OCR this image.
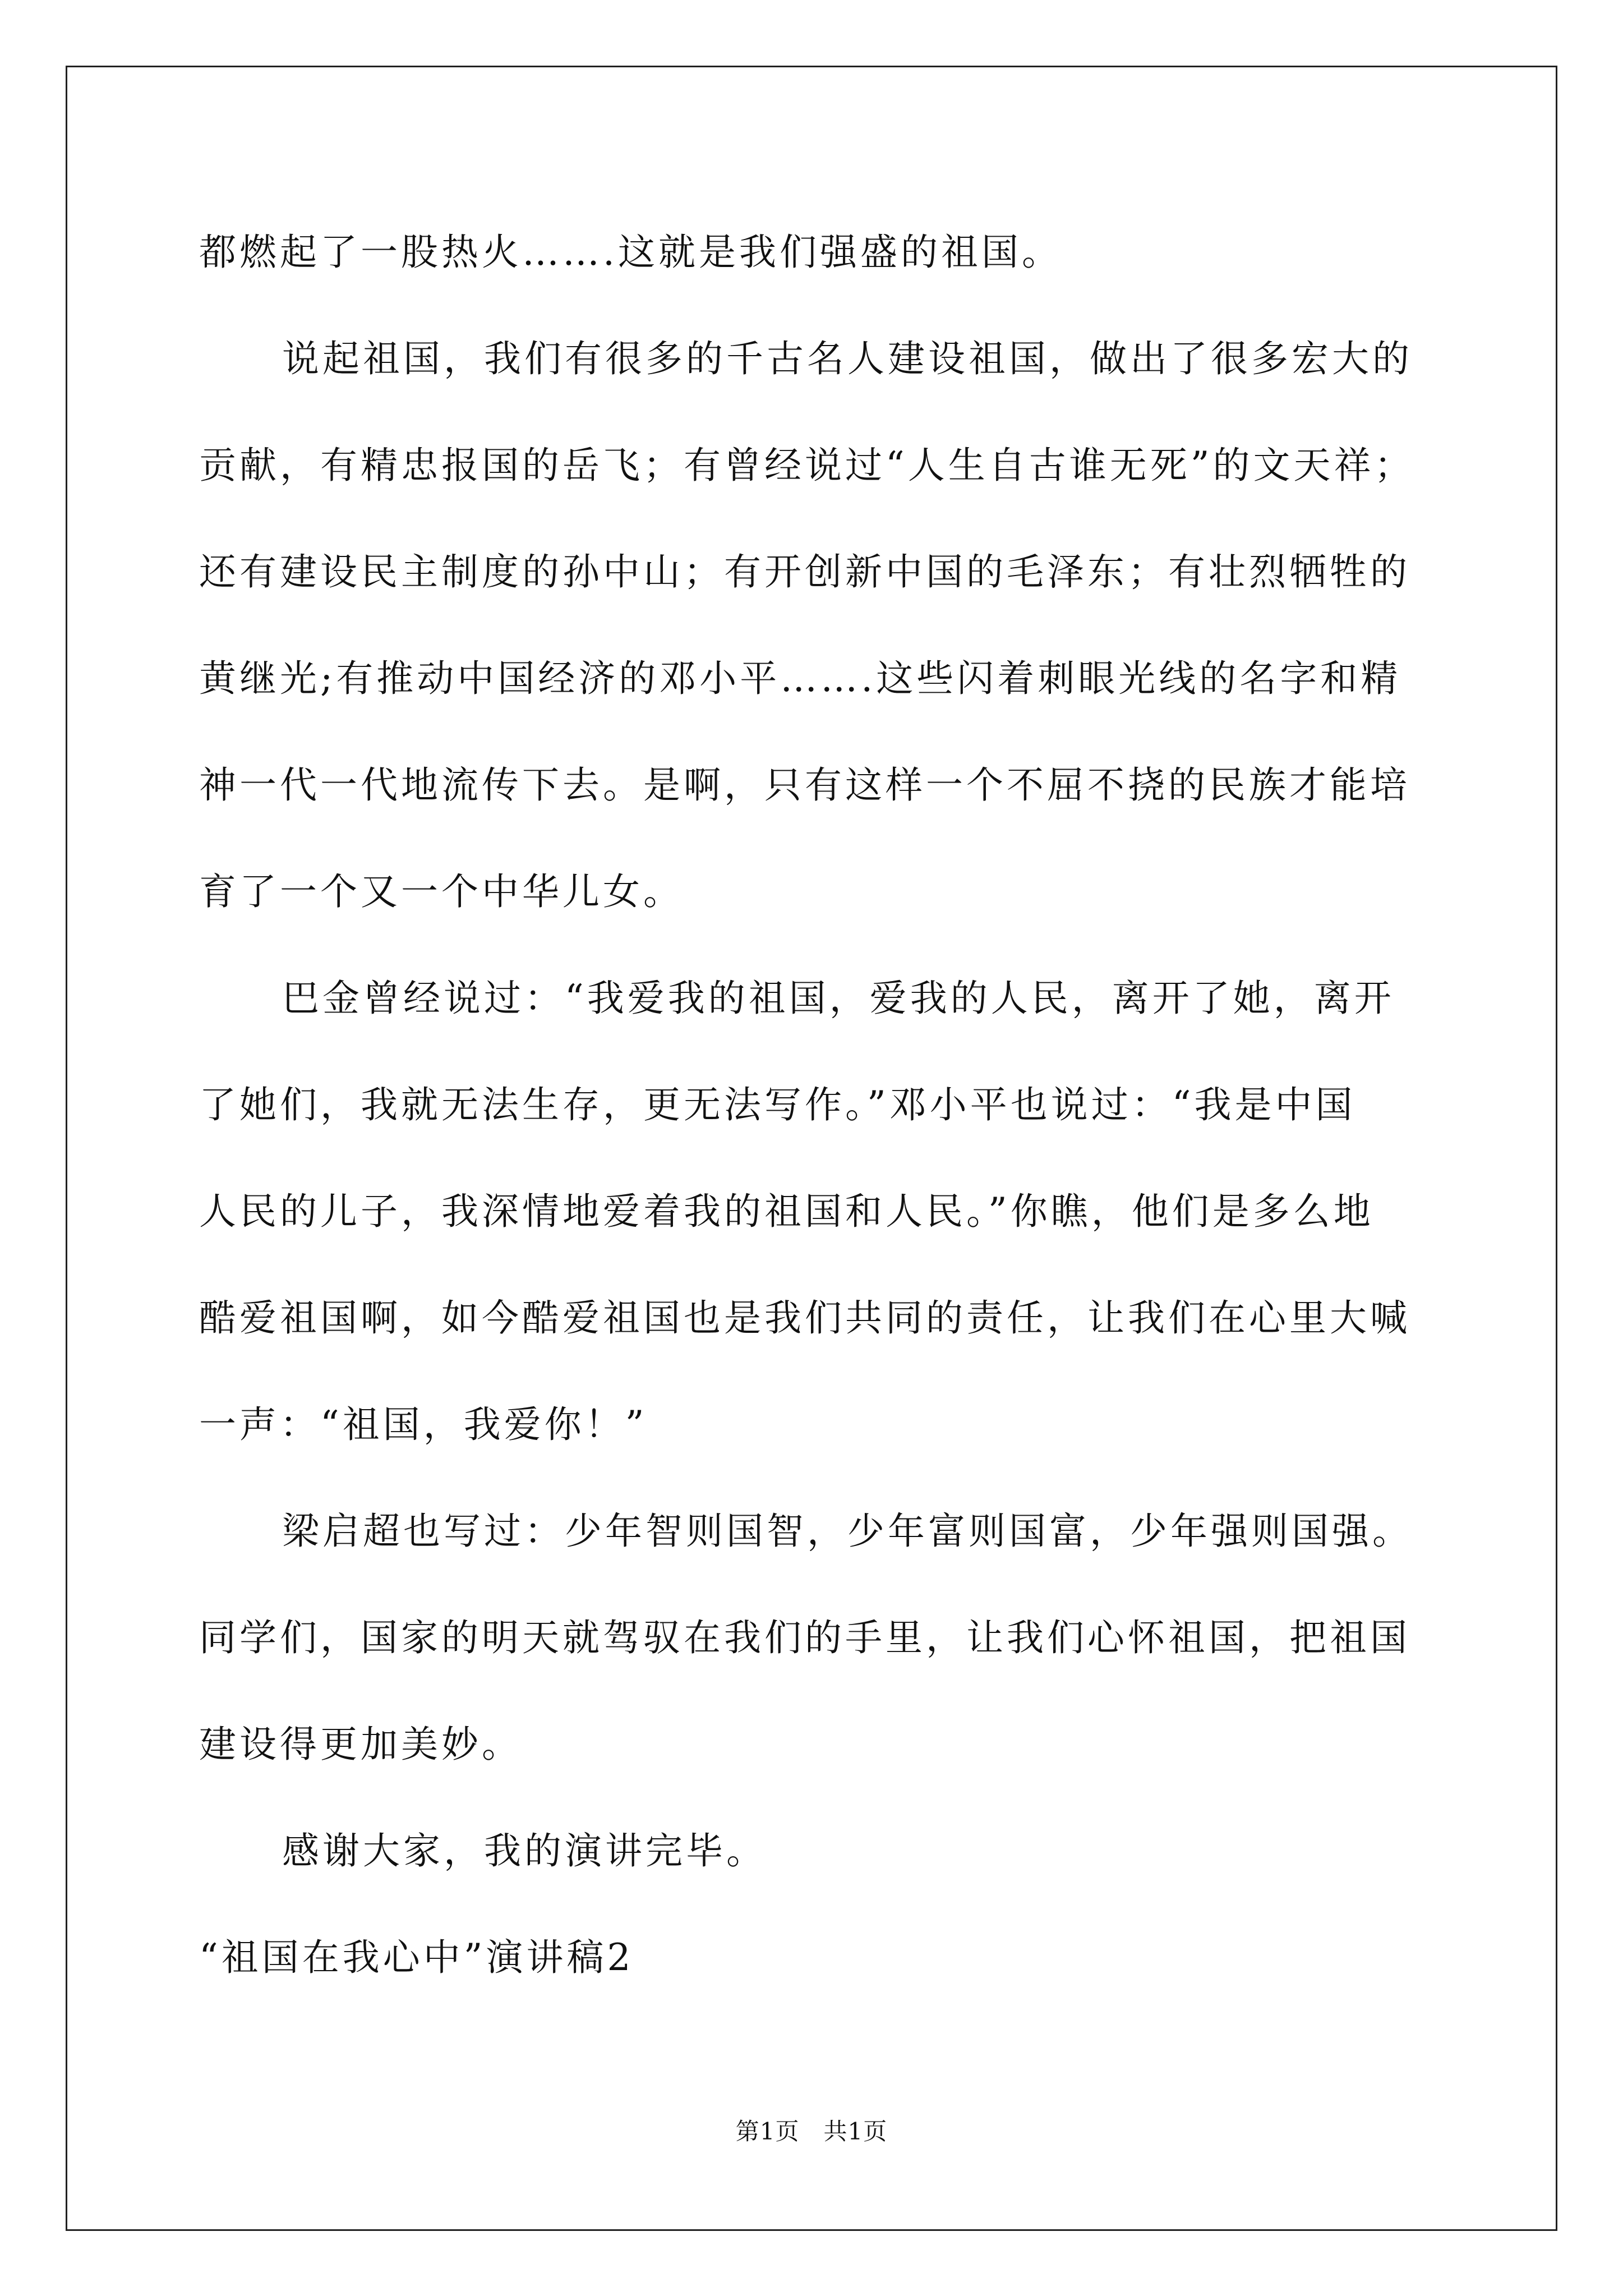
都燃起了一股热火…….这就是我们强盛的祖国。

说起祖国，我们有很多的千古名人建设祖国，做出了很多宏大的

贡献，有精忠报国的岳飞；有曾经说过“人生自古谁无死”的文天祥；

还有建设民主制度的孙中山；有开创新中国的毛泽东；有壮烈牺牲的

黄继光;有推动中国经济的邓小平…….这些闪着刺眼光线的名字和精

神一代一代地流传下去。是啊，只有这样一个不屈不挠的民族才能培

育了一个又一个中华儿女。

巴金曾经说过：“我爱我的祖国，爱我的人民，离开了她，离开

了她们，我就无法生存，更无法写作。”邓小平也说过：“我是中国

人民的儿子，我深情地爱着我的祖国和人民。”你瞧，他们是多么地

酷爱祖国啊，如今酷爱祖国也是我们共同的责任，让我们在心里大喊

一声：“祖国，我爱你！”

梁启超也写过：少年智则国智，少年富则国富，少年强则国强。

同学们，国家的明天就驾驭在我们的手里，让我们心怀祖国，把祖国

建设得更加美妙。

感谢大家，我的演讲完毕。

“祖国在我心中”演讲稿2

第1页　共1页
